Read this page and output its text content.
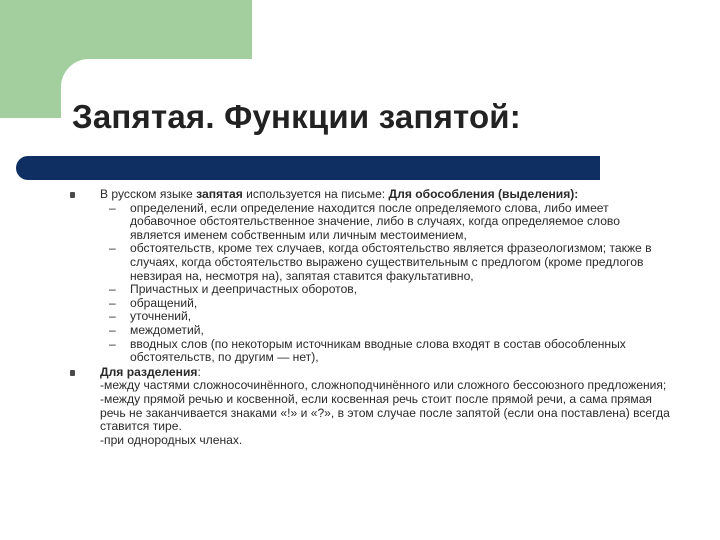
Запятая. Функции запятой:

В русском языке запятая используется на письме: Для обособления (выделения):

– определений, если определение находится после определяемого слова, либо имеет добавочное обстоятельственное значение, либо в случаях, когда определяемое слово является именем собственным или личным местоимением,
– обстоятельств, кроме тех случаев, когда обстоятельство является фразеологизмом; также в случаях, когда обстоятельство выражено существительным с предлогом (кроме предлогов невзирая на, несмотря на), запятая ставится факультативно,
– Причастных и деепричастных оборотов,
– обращений,
– уточнений,
– междометий,
– вводных слов (по некоторым источникам вводные слова входят в состав обособленных обстоятельств, по другим — нет),

Для разделения:

-между частями сложносочинённого, сложноподчинённого или сложного бессоюзного предложения;

-между прямой речью и косвенной, если косвенная речь стоит после прямой речи, а сама прямая речь не заканчивается знаками «!» и «?», в этом случае после запятой (если она поставлена) всегда ставится тире.

-при однородных членах.
